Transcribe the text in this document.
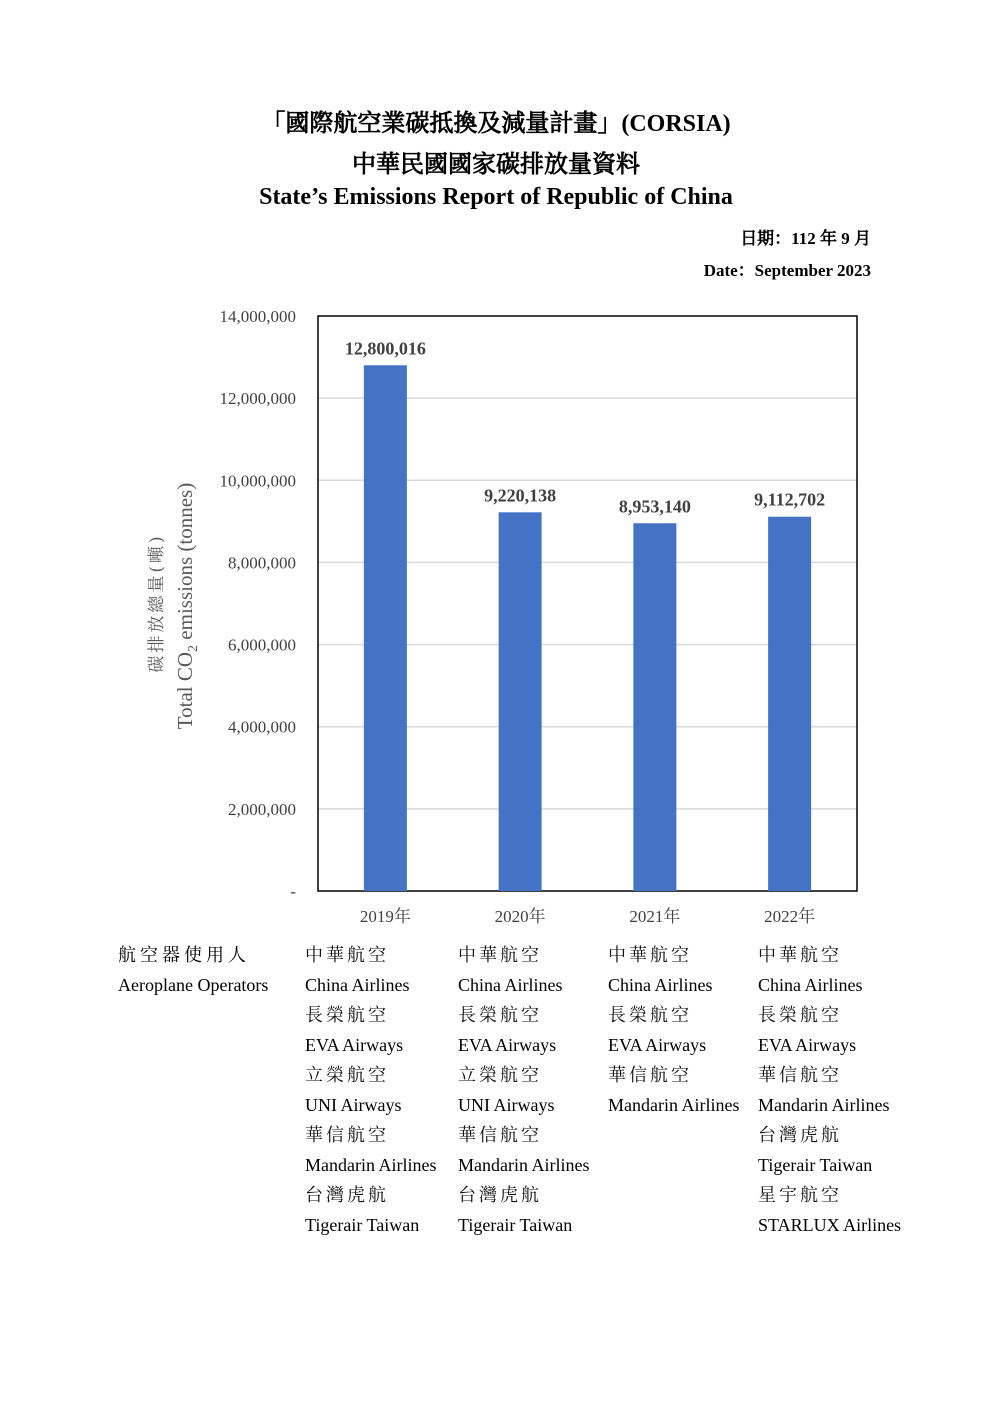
「國際航空業碳抵換及減量計畫」(CORSIA)
中華民國國家碳排放量資料
State’s Emissions Report of Republic of China
日期：112 年 9 月
Date：September 2023
-
2,000,000
4,000,000
6,000,000
8,000,000
10,000,000
12,000,000
14,000,000
12,800,016
2019年
9,220,138
2020年
8,953,140
2021年
9,112,702
2022年
碳排放總量(噸)
Total $CO_2$ emissions (tonnes)
航空器使用人
Aeroplane Operators
中華航空
China Airlines
長榮航空
EVA Airways
立榮航空
UNI Airways
華信航空
Mandarin Airlines
台灣虎航
Tigerair Taiwan
中華航空
China Airlines
長榮航空
EVA Airways
立榮航空
UNI Airways
華信航空
Mandarin Airlines
台灣虎航
Tigerair Taiwan
中華航空
China Airlines
長榮航空
EVA Airways
華信航空
Mandarin Airlines
中華航空
China Airlines
長榮航空
EVA Airways
華信航空
Mandarin Airlines
台灣虎航
Tigerair Taiwan
星宇航空
STARLUX Airlines
